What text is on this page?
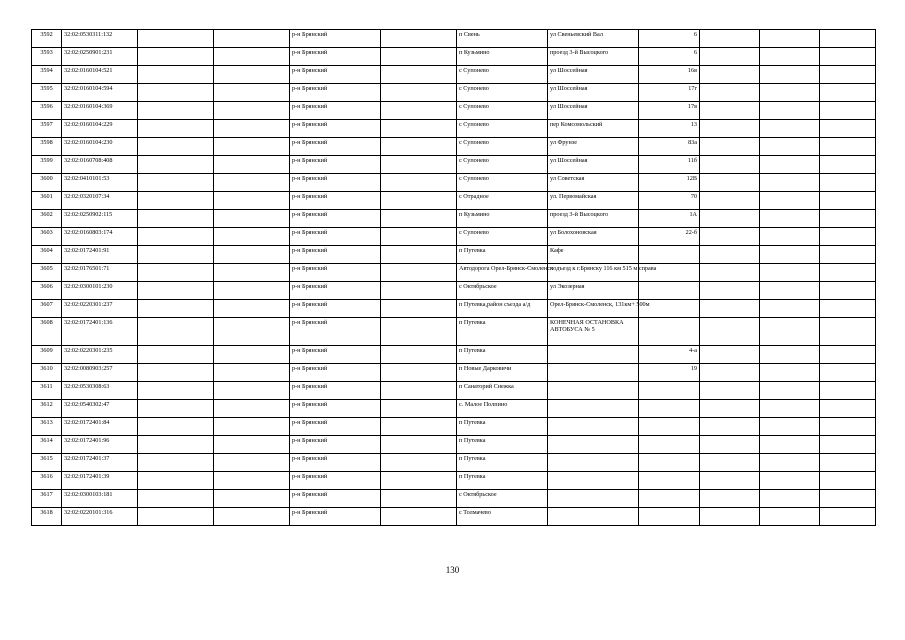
3592	32:02:0530311:132			р-н Брянский		п Свень	ул Свеньевский Вал	6			
3593	32:02:0250901:231			р-н Брянский		п Кузьмино	проезд 3-й Высоцкого	6			
3594	32:02:0160104:521			р-н Брянский		с Супонево	ул Шоссейная	16в			
3595	32:02:0160104:594			р-н Брянский		с Супонево	ул Шоссейная	17г			
3596	32:02:0160104:369			р-н Брянский		с Супонево	ул Шоссейная	17в			
3597	32:02:0160104:229			р-н Брянский		с Супонево	пер Комсомольский	13			
3598	32:02:0160104:230			р-н Брянский		с Супонево	ул Фрунзе	83а			
3599	32:02:0160708:408			р-н Брянский		с Супонево	ул Шоссейная	11б			
3600	32:02:0410101:53			р-н Брянский		с Супонево	ул Советская	12В			
3601	32:02:0320107:34			р-н Брянский		с Отрадное	ул. Первомайская	70			
3602	32:02:0250902:115			р-н Брянский		п Кузьмино	проезд 3-й Высоцкого	1А			
3603	32:02:0160803:174			р-н Брянский		с Супонево	ул Болохоновская	22-б			
3604	32:02:0172401:91			р-н Брянский		п Путевка	Кафе				
3605	32:02:0176501:71			р-н Брянский		Автодорога Орел-Брянск-Смоленск	подъезд к г.Брянску 116 км 515 м справа				
3606	32:02:0300101:230			р-н Брянский		с Октябрьское	ул Экозерная				
3607	32:02:0220301:237			р-н Брянский		п Путевка,район съезда а/д	Орел-Брянск-Смоленск, 131км+ 500м				
3608	32:02:0172401:136			р-н Брянский		п Путевка	КОНЕЧНАЯ ОСТАНОВКА АВТОБУСА № 5				
3609	32:02:0220301:235			р-н Брянский		п Путевка		4-а			
3610	32:02:0080903:257			р-н Брянский		п Новые Дарковичи		19			
3611	32:02:0530308:63			р-н Брянский		п Санаторий Снежка					
3612	32:02:0540302:47			р-н Брянский		с. Малое Полпино					
3613	32:02:0172401:84			р-н Брянский		п Путевка					
3614	32:02:0172401:96			р-н Брянский		п Путевка					
3615	32:02:0172401:37			р-н Брянский		п Путевка					
3616	32:02:0172401:39			р-н Брянский		п Путевка					
3617	32:02:0300103:181			р-н Брянский		с Октябрьское					
3618	32:02:0220101:316			р-н Брянский		с Толмачево					
130
